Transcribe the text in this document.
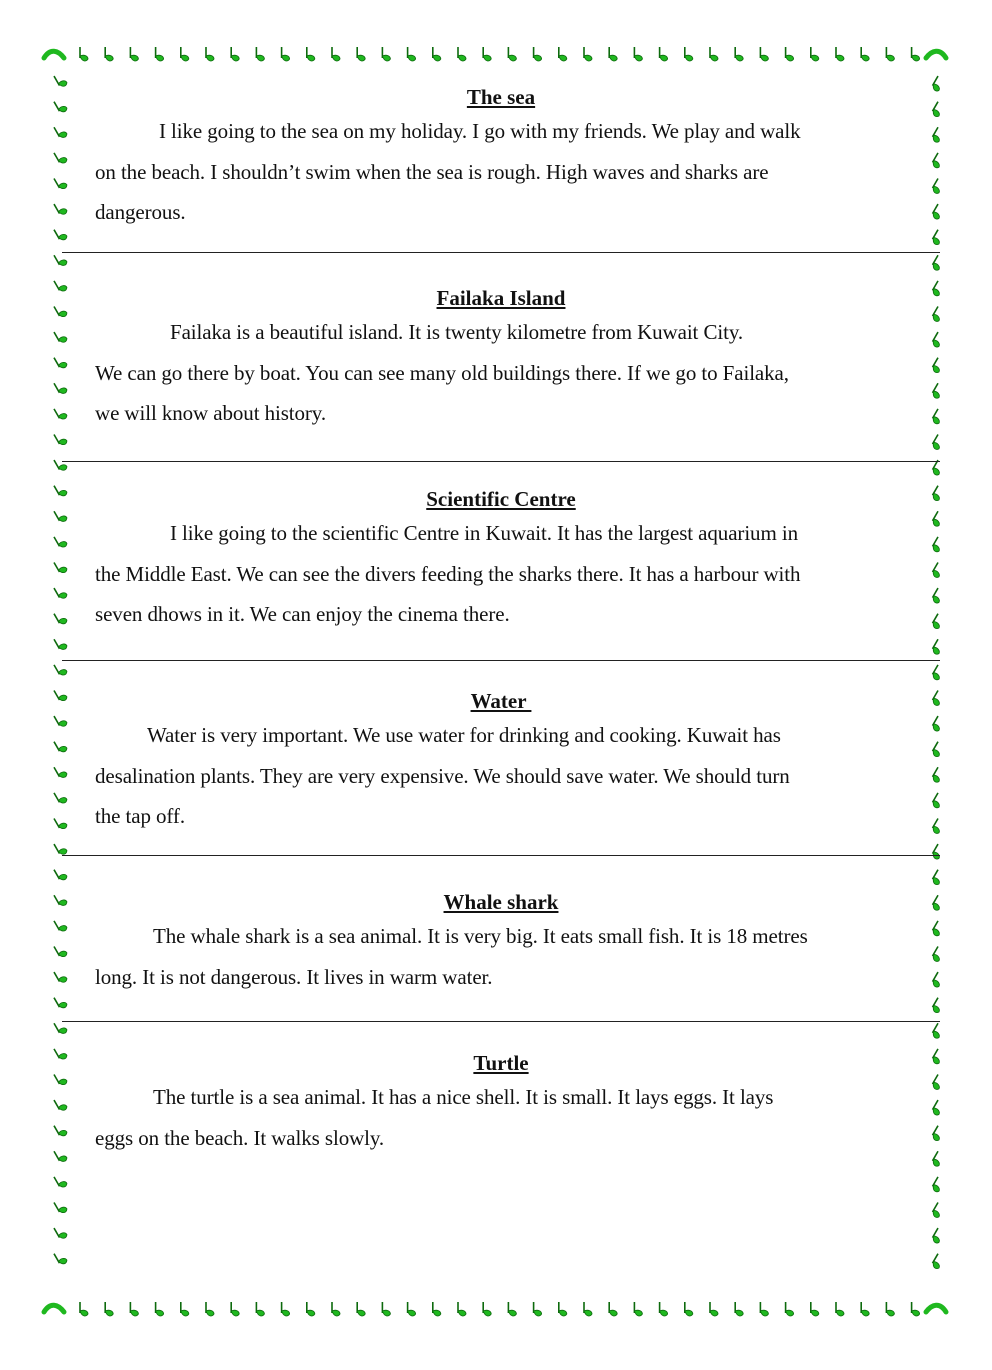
The sea

I like going to the sea on my holiday. I go with my friends. We play and walk

on the beach. I shouldn’t swim when the sea is rough. High waves and sharks are

dangerous.

Failaka Island

Failaka is a beautiful island. It is twenty kilometre from Kuwait City.

We can go there by boat. You can see many old buildings there. If we go to Failaka,

we will know about history.

Scientific Centre

I like going to the scientific Centre in Kuwait. It has the largest aquarium in

the Middle East. We can see the divers feeding the sharks there. It has a harbour with

seven dhows in it. We can enjoy the cinema there.

Water

Water is very important. We use water for drinking and cooking. Kuwait has

desalination plants. They are very expensive. We should save water. We should turn

the tap off.

Whale shark

The whale shark is a sea animal. It is very big. It eats small fish. It is 18 metres

long. It is not dangerous. It lives in warm water.

Turtle

The turtle is a sea animal. It has a nice shell. It is small. It lays eggs. It lays

eggs on the beach. It walks slowly.
